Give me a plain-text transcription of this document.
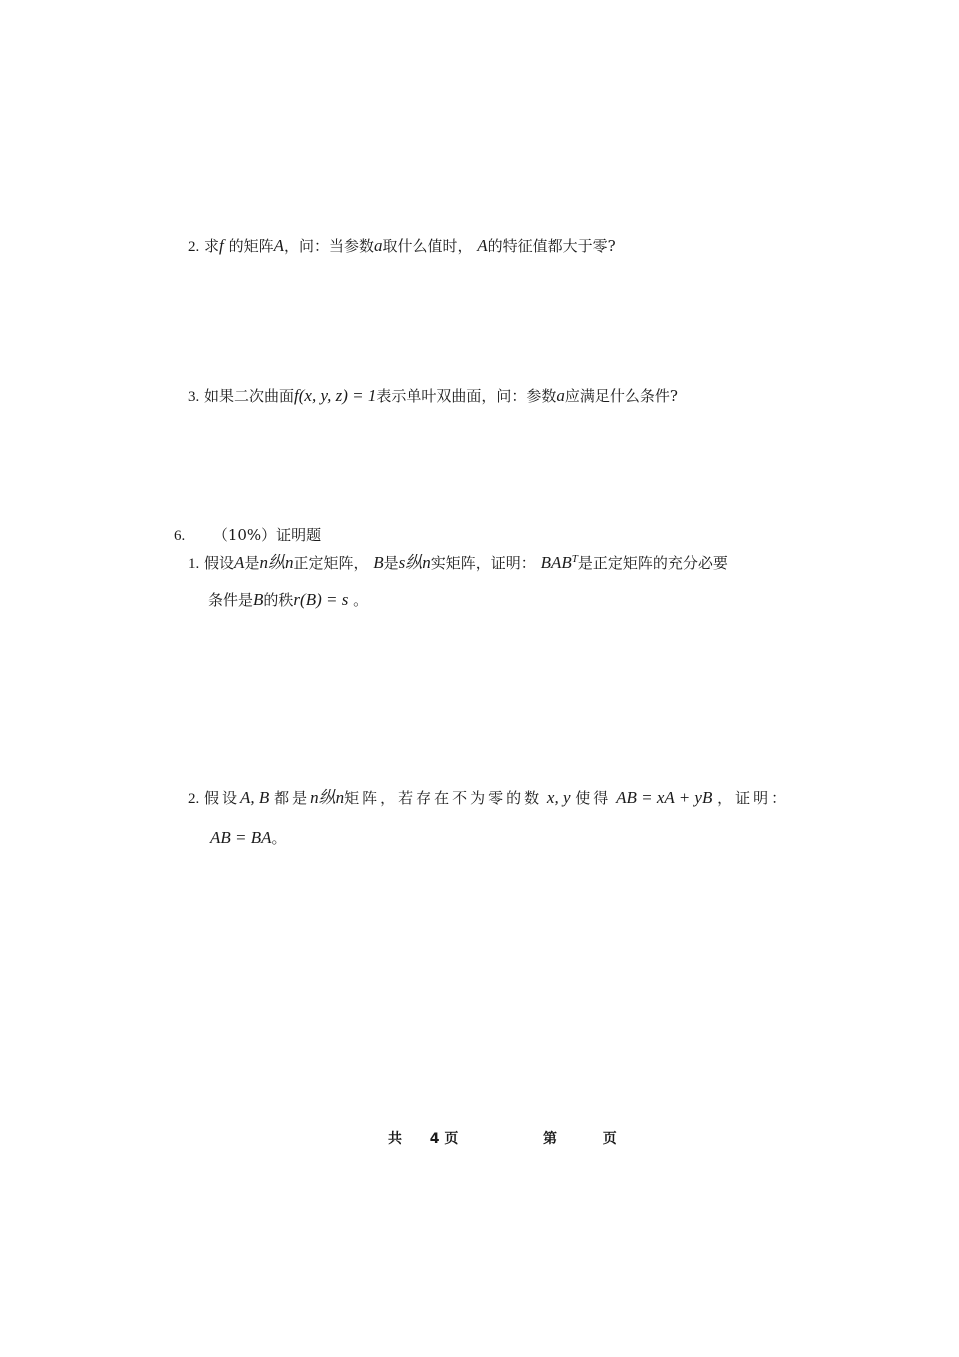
2. 求f 的矩阵A，问：当参数a取什么值时， A的特征值都大于零?
3. 如果二次曲面f(x, y, z) = 1表示单叶双曲面，问：参数a应满足什么条件?
6. （10%）证明题
1. 假设A是n纵n正定矩阵， B是s纵n实矩阵，证明： $BAB^T$是正定矩阵的充分必要
条件是B的秩r(B) = s 。
2. 假设A, B 都是n纵n矩阵，若存在不为零的数 x, y 使得 AB = xA + yB ，证明：
AB = BA。
共 4 页	第	页
